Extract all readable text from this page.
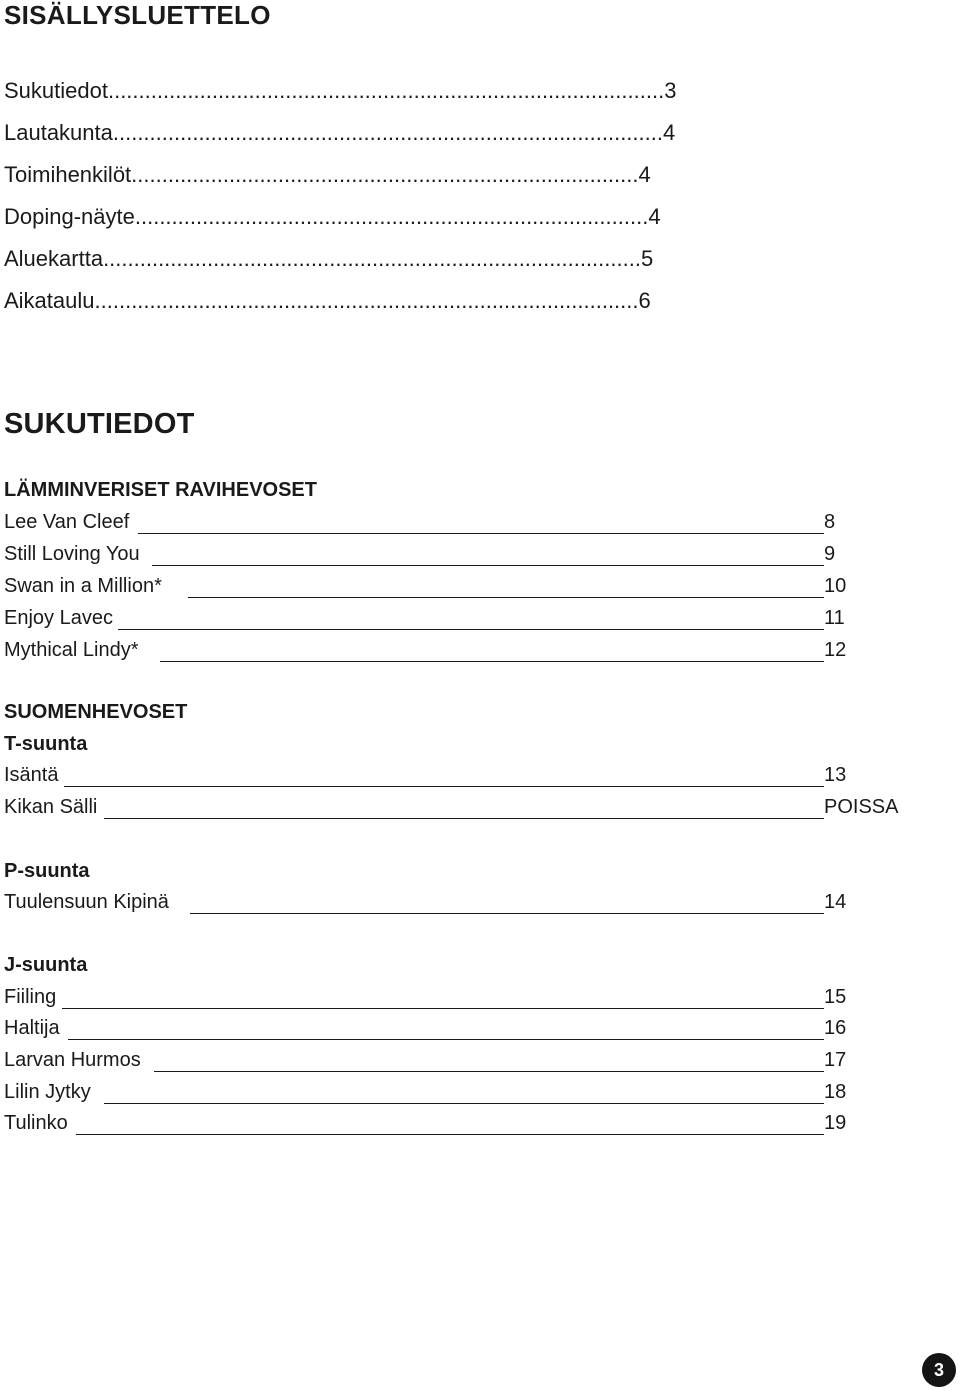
SISÄLLYSLUETTELO
Sukutiedot...........................................................................................3
Lautakunta..........................................................................................4
Toimihenkilöt...................................................................................4
Doping-näyte....................................................................................4
Aluekartta........................................................................................5
Aikataulu.........................................................................................6
SUKUTIEDOT
LÄMMINVERISET RAVIHEVOSET
Lee Van Cleef	8
Still Loving You	9
Swan in a Million*	10
Enjoy Lavec	11
Mythical Lindy*	12
SUOMENHEVOSET
T-suunta
Isäntä	13
Kikan Sälli	POISSA
P-suunta
Tuulensuun Kipinä	14
J-suunta
Fiiling	15
Haltija	16
Larvan Hurmos	17
Lilin Jytky	18
Tulinko	19
3
